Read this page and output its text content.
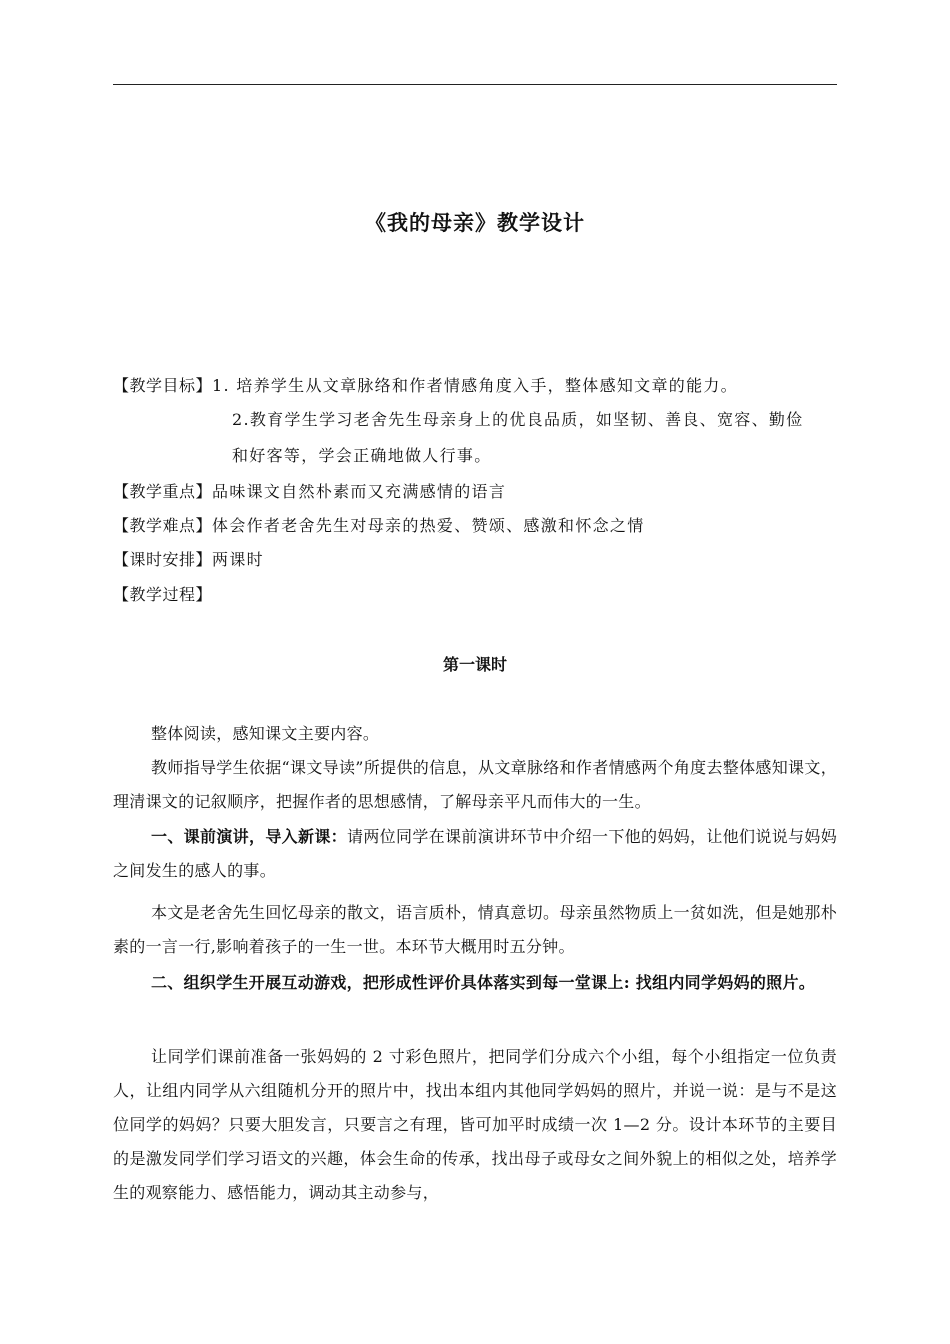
《我的母亲》教学设计
【教学目标】1. 培养学生从文章脉络和作者情感角度入手，整体感知文章的能力。
2.教育学生学习老舍先生母亲身上的优良品质，如坚韧、善良、宽容、勤俭
和好客等，学会正确地做人行事。
【教学重点】品味课文自然朴素而又充满感情的语言
【教学难点】体会作者老舍先生对母亲的热爱、赞颂、感激和怀念之情
【课时安排】两课时
【教学过程】
第一课时
整体阅读，感知课文主要内容。
教师指导学生依据“课文导读”所提供的信息，从文章脉络和作者情感两个角度去整体感知课文，理清课文的记叙顺序，把握作者的思想感情，了解母亲平凡而伟大的一生。
一、课前演讲，导入新课：请两位同学在课前演讲环节中介绍一下他的妈妈，让他们说说与妈妈之间发生的感人的事。
本文是老舍先生回忆母亲的散文，语言质朴，情真意切。母亲虽然物质上一贫如洗，但是她那朴素的一言一行,影响着孩子的一生一世。本环节大概用时五分钟。
二、组织学生开展互动游戏，把形成性评价具体落实到每一堂课上: 找组内同学妈妈的照片。
让同学们课前准备一张妈妈的 2 寸彩色照片，把同学们分成六个小组，每个小组指定一位负责人，让组内同学从六组随机分开的照片中，找出本组内其他同学妈妈的照片，并说一说：是与不是这位同学的妈妈？只要大胆发言，只要言之有理，皆可加平时成绩一次 1—2 分。设计本环节的主要目的是激发同学们学习语文的兴趣，体会生命的传承，找出母子或母女之间外貌上的相似之处，培养学生的观察能力、感悟能力，调动其主动参与，
